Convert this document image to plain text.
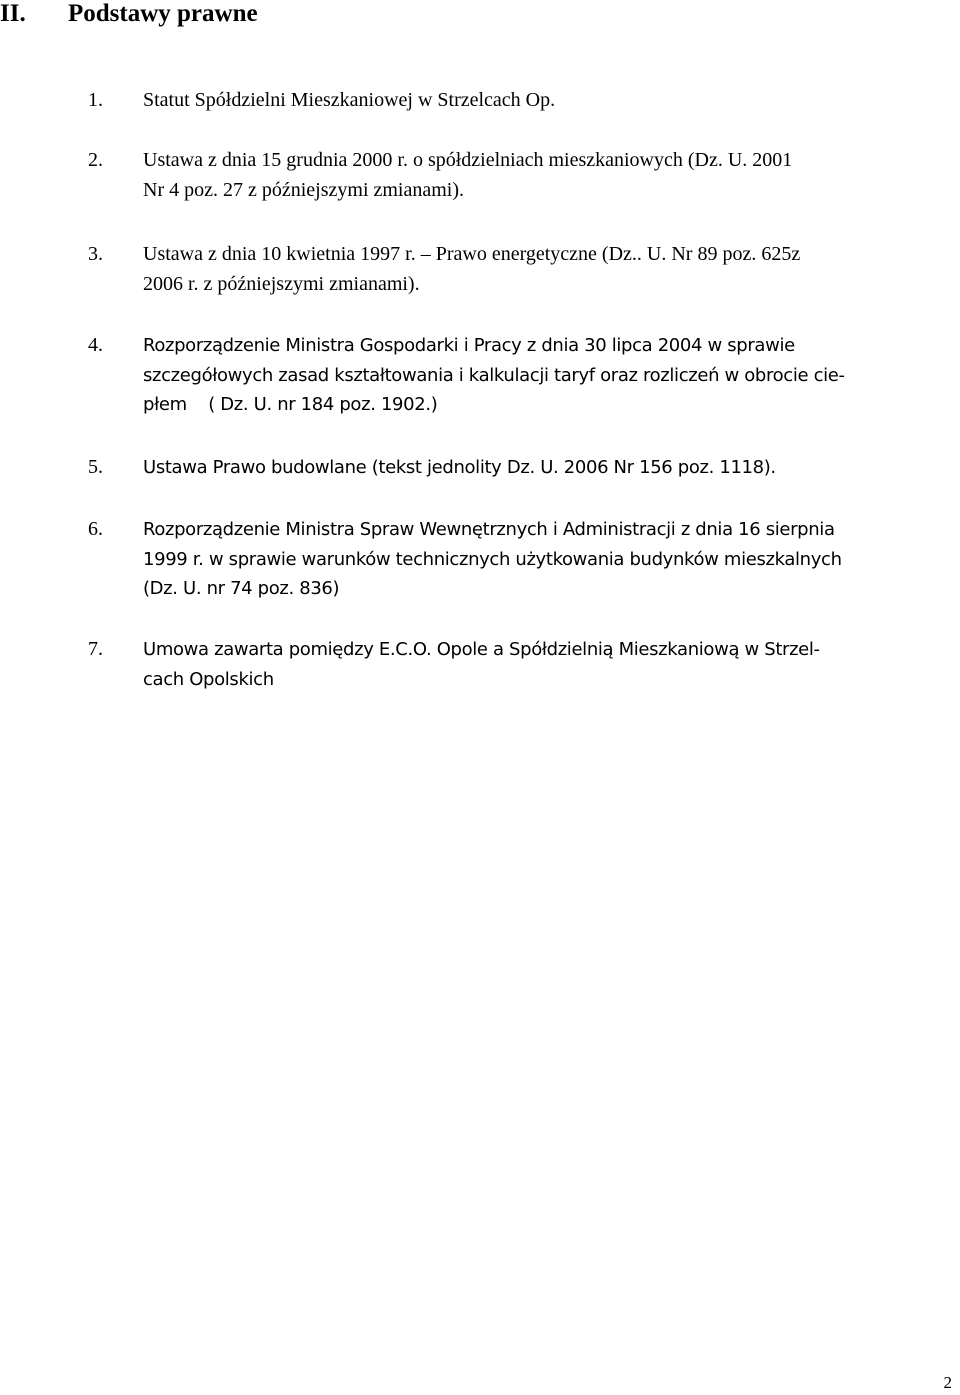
II. Podstawy prawne
1. Statut Spółdzielni Mieszkaniowej w Strzelcach Op.
2. Ustawa z dnia 15 grudnia 2000 r. o spółdzielniach mieszkaniowych (Dz. U. 2001
Nr 4 poz. 27 z późniejszymi zmianami).
3. Ustawa z dnia 10 kwietnia 1997 r. – Prawo energetyczne (Dz.. U. Nr 89 poz. 625z
2006 r. z późniejszymi zmianami).
4. Rozporządzenie Ministra Gospodarki i Pracy z dnia 30 lipca 2004 w sprawie
szczegółowych zasad kształtowania i kalkulacji taryf oraz rozliczeń w obrocie cie-
płem    ( Dz. U. nr 184 poz. 1902.)
5. Ustawa Prawo budowlane (tekst jednolity Dz. U. 2006 Nr 156 poz. 1118).
6. Rozporządzenie Ministra Spraw Wewnętrznych i Administracji z dnia 16 sierpnia
1999 r. w sprawie warunków technicznych użytkowania budynków mieszkalnych
(Dz. U. nr 74 poz. 836)
7. Umowa zawarta pomiędzy E.C.O. Opole a Spółdzielnią Mieszkaniową w Strzel-
cach Opolskich
2
